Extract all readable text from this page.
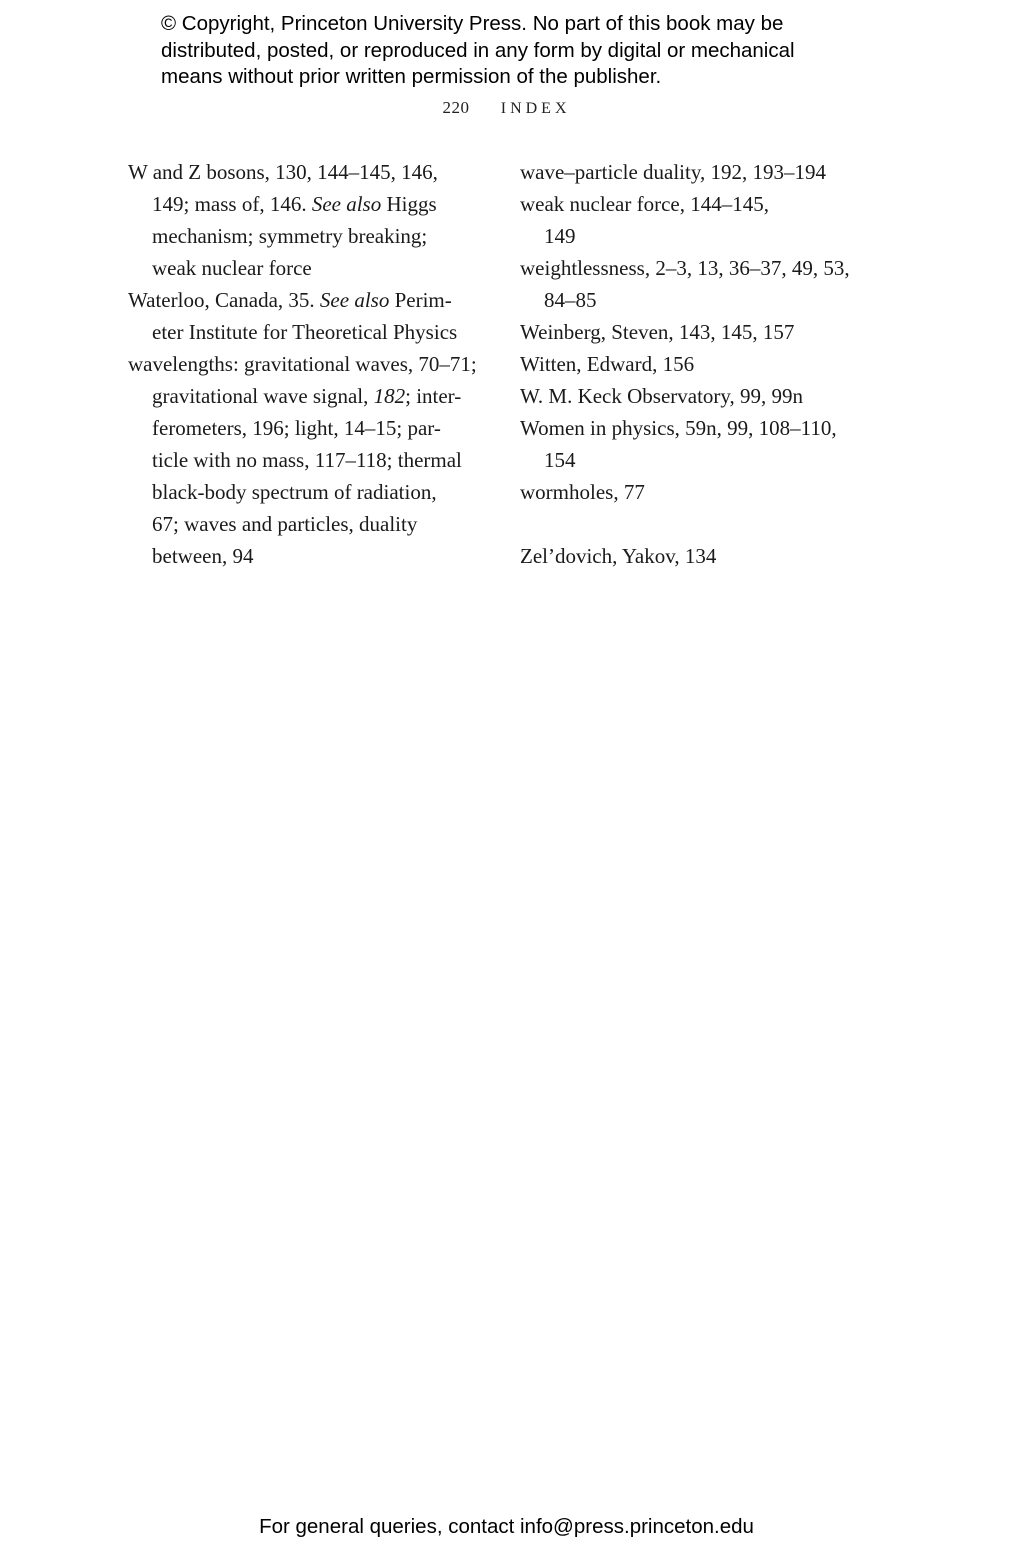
© Copyright, Princeton University Press. No part of this book may be
distributed, posted, or reproduced in any form by digital or mechanical
means without prior written permission of the publisher.
220 INDEX
W and Z bosons, 130, 144–145, 146,
149; mass of, 146. See also Higgs
mechanism; symmetry breaking;
weak nuclear force
Waterloo, Canada, 35. See also Perim-
eter Institute for Theoretical Physics
wavelengths: gravitational waves, 70–71;
gravitational wave signal, 182; inter-
ferometers, 196; light, 14–15; par-
ticle with no mass, 117–118; thermal
black-body spectrum of radiation,
67; waves and particles, duality
between, 94
wave–particle duality, 192, 193–194
weak nuclear force, 144–145,
149
weightlessness, 2–3, 13, 36–37, 49, 53,
84–85
Weinberg, Steven, 143, 145, 157
Witten, Edward, 156
W. M. Keck Observatory, 99, 99n
Women in physics, 59n, 99, 108–110,
154
wormholes, 77
Zel’dovich, Yakov, 134
For general queries, contact info@press.princeton.edu
